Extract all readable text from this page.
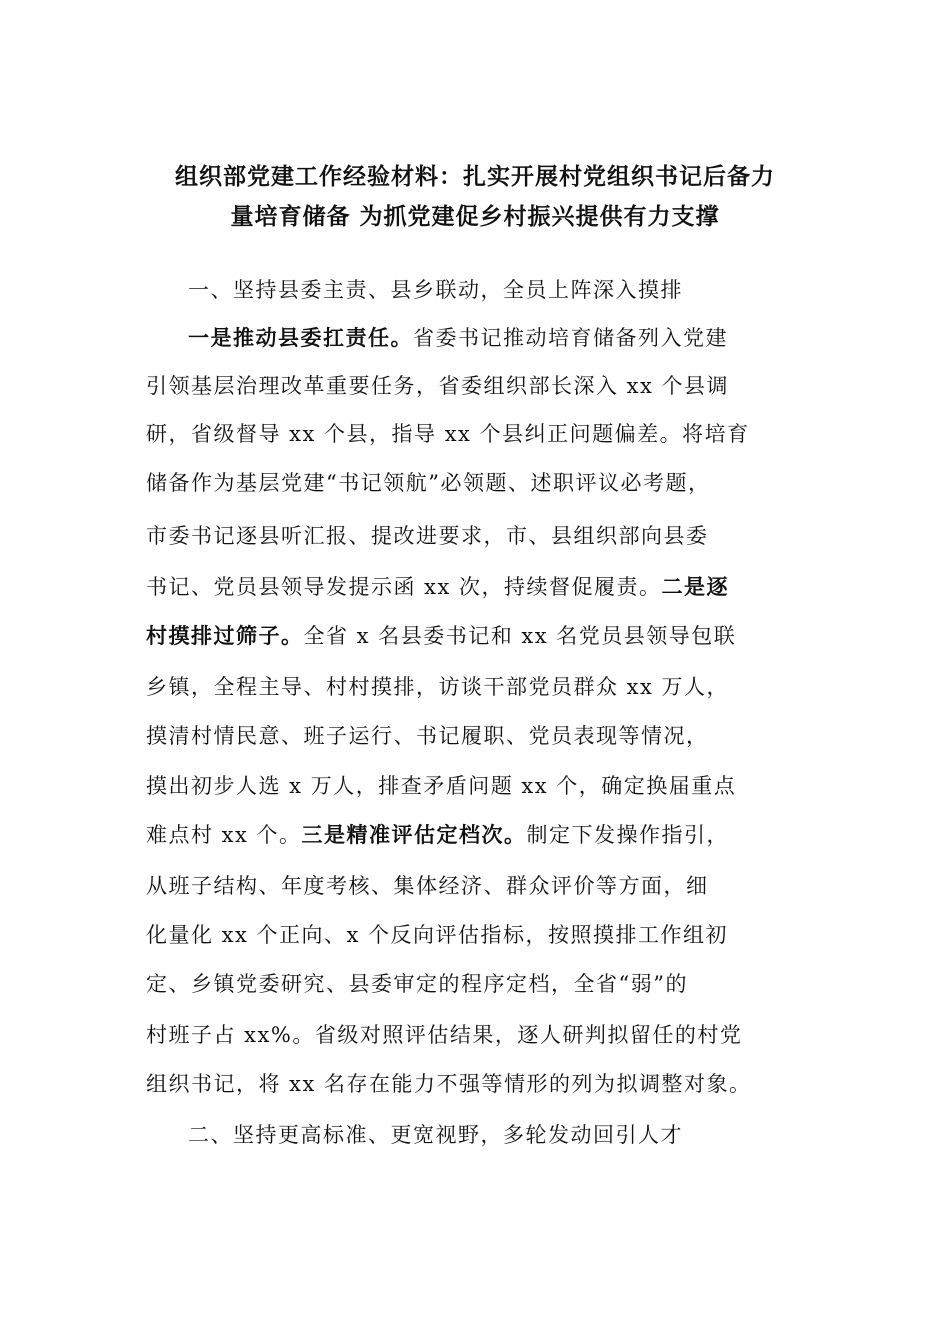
组织部党建工作经验材料：扎实开展村党组织书记后备力
量培育储备 为抓党建促乡村振兴提供有力支撑
一、坚持县委主责、县乡联动，全员上阵深入摸排
一是推动县委扛责任。省委书记推动培育储备列入党建
引领基层治理改革重要任务，省委组织部长深入 xx 个县调
研，省级督导 xx 个县，指导 xx 个县纠正问题偏差。将培育
储备作为基层党建“书记领航”必领题、述职评议必考题，
市委书记逐县听汇报、提改进要求，市、县组织部向县委
书记、党员县领导发提示函 xx 次，持续督促履责。二是逐
村摸排过筛子。全省 x 名县委书记和 xx 名党员县领导包联
乡镇，全程主导、村村摸排，访谈干部党员群众 xx 万人，
摸清村情民意、班子运行、书记履职、党员表现等情况，
摸出初步人选 x 万人，排查矛盾问题 xx 个，确定换届重点
难点村 xx 个。三是精准评估定档次。制定下发操作指引，
从班子结构、年度考核、集体经济、群众评价等方面，细
化量化 xx 个正向、x 个反向评估指标，按照摸排工作组初
定、乡镇党委研究、县委审定的程序定档，全省“弱”的
村班子占 xx%。省级对照评估结果，逐人研判拟留任的村党
组织书记，将 xx 名存在能力不强等情形的列为拟调整对象。
二、坚持更高标准、更宽视野，多轮发动回引人才
